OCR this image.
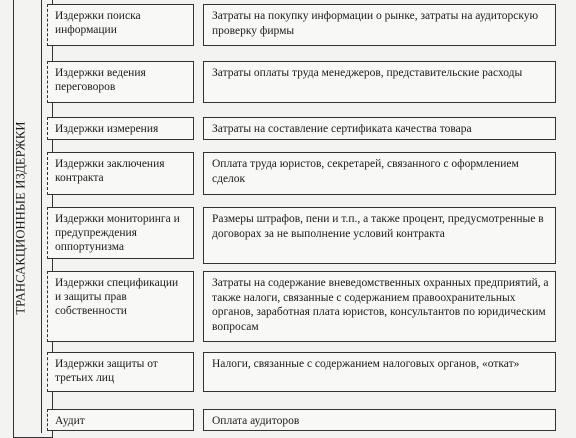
ТРАНСАКЦИОННЫЕ ИЗДЕРЖКИ
Издержки поиска информации
Затраты на покупку информации о рынке, затраты на аудиторскую проверку фирмы
Издержки ведения переговоров
Затраты оплаты труда менеджеров, представительские расходы
Издержки измерения	Затраты на составление сертификата качества товара
Издержки заключения контракта
Оплата труда юристов, секретарей, связанного с оформлением сделок
Издержки мониторинга и предупреждения оппортунизма
Размеры штрафов, пени и т.п., а также процент, предусмотренные в договорах за не выполнение условий контракта
Издержки спецификации и защиты прав собственности
Затраты на содержание вневедомственных охранных предприятий, а также налоги, связанные с содержанием правоохранительных органов, заработная плата юристов, консультантов по юридическим вопросам
Издержки защиты от третьих лиц
Налоги, связанные с содержанием налоговых органов, «откат»
Аудит	Оплата аудиторов
